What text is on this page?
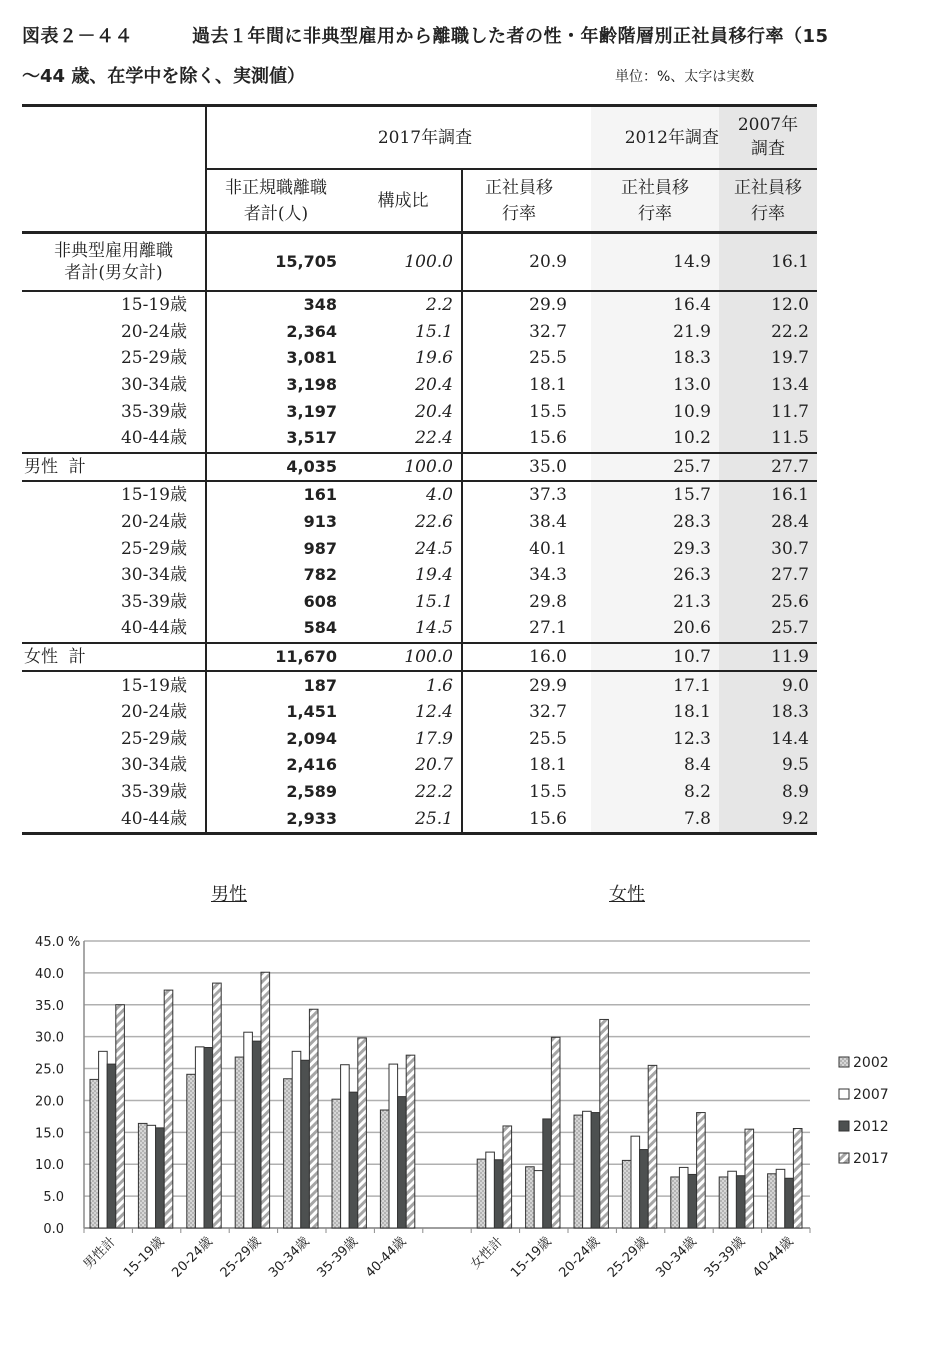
図表２－４４	過去１年間に非典型雇用から離職した者の性・年齢階層別正社員移行率（15
～44 歳、在学中を除く、実測値）	単位：%、太字は実数
	2017年調査			2012年調査	2007年調査
	非正規職離職
者計(人)	構成比	正社員移
行率	正社員移
行率	正社員移
行率
非典型雇用離職
者計(男女計)	15,705	100.0	20.9	14.9	16.1
15-19歳	348	2.2	29.9	16.4	12.0
20-24歳	2,364	15.1	32.7	21.9	22.2
25-29歳	3,081	19.6	25.5	18.3	19.7
30-34歳	3,198	20.4	18.1	13.0	13.4
35-39歳	3,197	20.4	15.5	10.9	11.7
40-44歳	3,517	22.4	15.6	10.2	11.5
男性  計	4,035	100.0	35.0	25.7	27.7
15-19歳	161	4.0	37.3	15.7	16.1
20-24歳	913	22.6	38.4	28.3	28.4
25-29歳	987	24.5	40.1	29.3	30.7
30-34歳	782	19.4	34.3	26.3	27.7
35-39歳	608	15.1	29.8	21.3	25.6
40-44歳	584	14.5	27.1	20.6	25.7
女性  計	11,670	100.0	16.0	10.7	11.9
15-19歳	187	1.6	29.9	17.1	9.0
20-24歳	1,451	12.4	32.7	18.1	18.3
25-29歳	2,094	17.9	25.5	12.3	14.4
30-34歳	2,416	20.7	18.1	8.4	9.5
35-39歳	2,589	22.2	15.5	8.2	8.9
40-44歳	2,933	25.1	15.6	7.8	9.2
男性	女性
0.0
5.0
10.0
15.0
20.0
25.0
30.0
35.0
40.0
45.0 %
男性計 15-19歳 20-24歳 25-29歳 30-34歳 35-39歳 40-44歳	女性計 15-19歳 20-24歳 25-29歳 30-34歳 35-39歳 40-44歳
2002
2007
2012
2017
